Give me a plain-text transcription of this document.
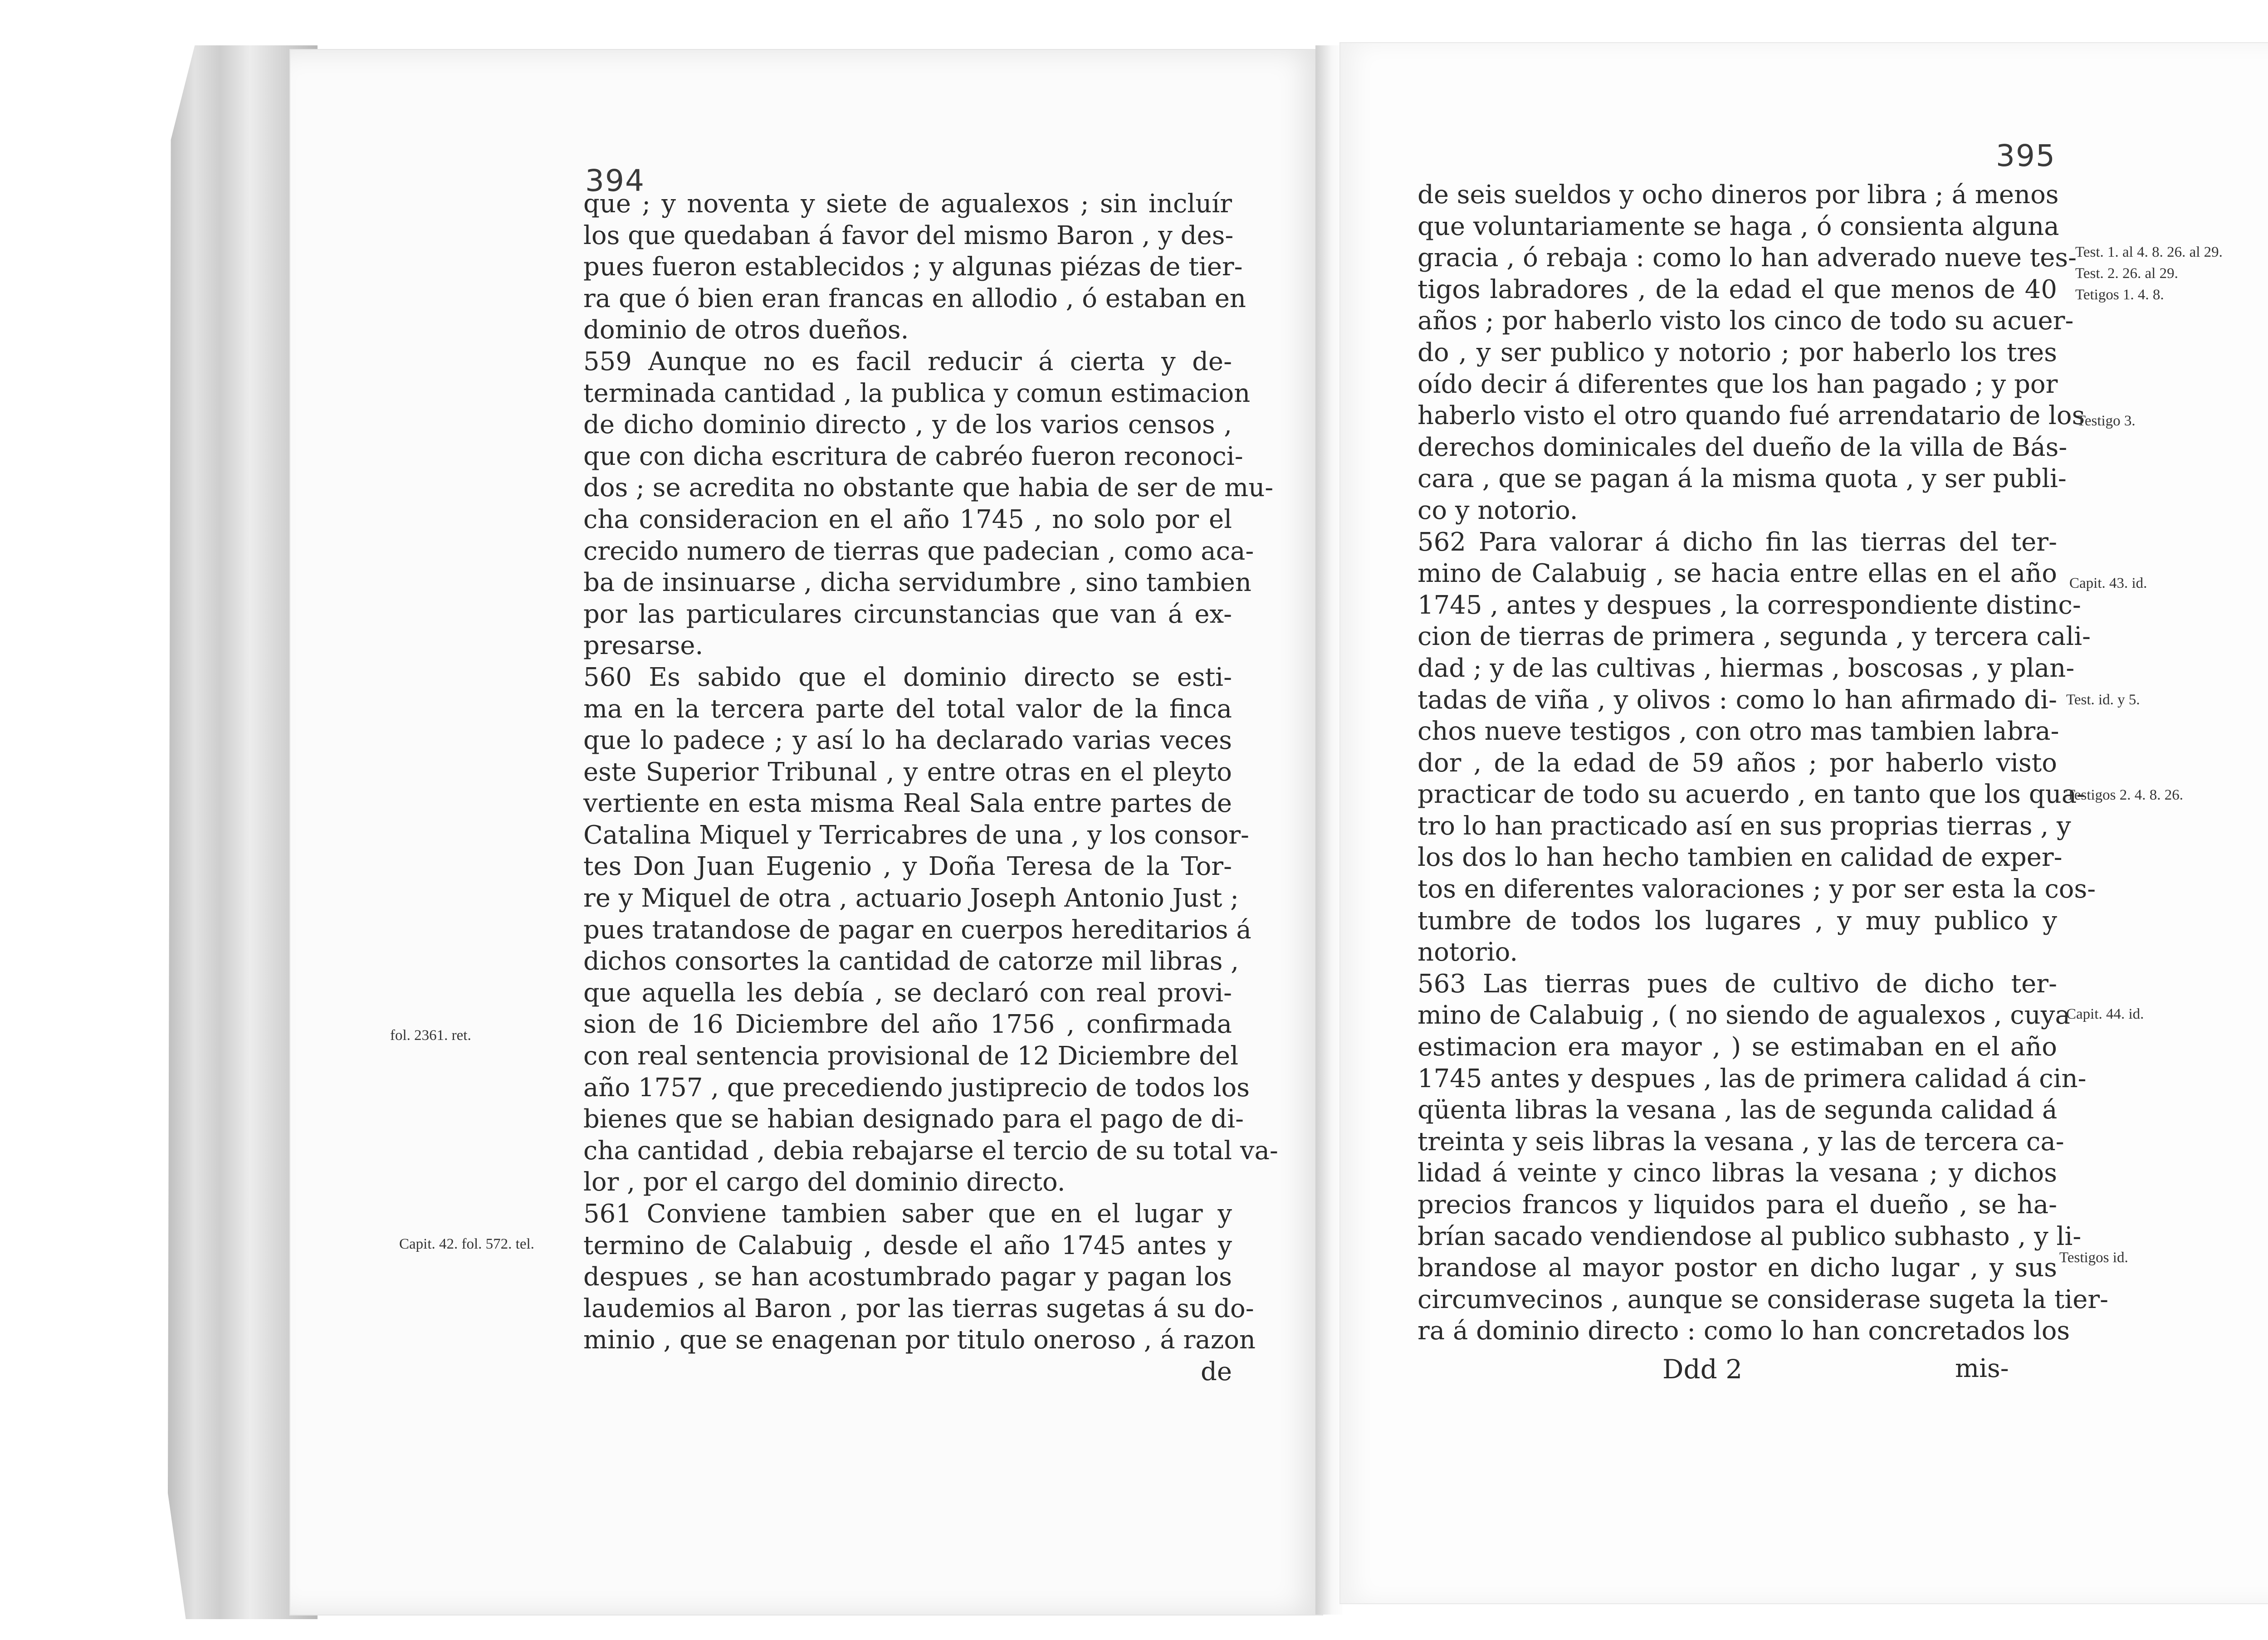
394
395
que ; y noventa y siete de agualexos ; sin incluír
los que quedaban á favor del mismo Baron , y des-
pues fueron establecidos ; y algunas piézas de tier-
ra que ó bien eran francas en allodio , ó estaban en
dominio de otros dueños.
559 Aunque no es facil reducir á cierta y de-
terminada cantidad , la publica y comun estimacion
de dicho dominio directo , y de los varios censos ,
que con dicha escritura de cabréo fueron reconoci-
dos ; se acredita no obstante que habia de ser de mu-
cha consideracion en el año 1745 , no solo por el
crecido numero de tierras que padecian , como aca-
ba de insinuarse , dicha servidumbre , sino tambien
por las particulares circunstancias que van á ex-
presarse.
560 Es sabido que el dominio directo se esti-
ma en la tercera parte del total valor de la finca
que lo padece ; y así lo ha declarado varias veces
este Superior Tribunal , y entre otras en el pleyto
vertiente en esta misma Real Sala entre partes de
Catalina Miquel y Terricabres de una , y los consor-
tes Don Juan Eugenio , y Doña Teresa de la Tor-
re y Miquel de otra , actuario Joseph Antonio Just ;
pues tratandose de pagar en cuerpos hereditarios á
dichos consortes la cantidad de catorze mil libras ,
que aquella les debía , se declaró con real provi-
sion de 16 Diciembre del año 1756 , confirmada
con real sentencia provisional de 12 Diciembre del
año 1757 , que precediendo justiprecio de todos los
bienes que se habian designado para el pago de di-
cha cantidad , debia rebajarse el tercio de su total va-
lor , por el cargo del dominio directo.
561 Conviene tambien saber que en el lugar y
termino de Calabuig , desde el año 1745 antes y
despues , se han acostumbrado pagar y pagan los
laudemios al Baron , por las tierras sugetas á su do-
minio , que se enagenan por titulo oneroso , á razon
de
de seis sueldos y ocho dineros por libra ; á menos
que voluntariamente se haga , ó consienta alguna
gracia , ó rebaja : como lo han adverado nueve tes-
tigos labradores , de la edad el que menos de 40
años ; por haberlo visto los cinco de todo su acuer-
do , y ser publico y notorio ; por haberlo los tres
oído decir á diferentes que los han pagado ; y por
haberlo visto el otro quando fué arrendatario de los
derechos dominicales del dueño de la villa de Bás-
cara , que se pagan á la misma quota , y ser publi-
co y notorio.
562 Para valorar á dicho fin las tierras del ter-
mino de Calabuig , se hacia entre ellas en el año
1745 , antes y despues , la correspondiente distinc-
cion de tierras de primera , segunda , y tercera cali-
dad ; y de las cultivas , hiermas , boscosas , y plan-
tadas de viña , y olivos : como lo han afirmado di-
chos nueve testigos , con otro mas tambien labra-
dor , de la edad de 59 años ; por haberlo visto
practicar de todo su acuerdo , en tanto que los qua-
tro lo han practicado así en sus proprias tierras , y
los dos lo han hecho tambien en calidad de exper-
tos en diferentes valoraciones ; y por ser esta la cos-
tumbre de todos los lugares , y muy publico y
notorio.
563 Las tierras pues de cultivo de dicho ter-
mino de Calabuig , ( no siendo de agualexos , cuya
estimacion era mayor , ) se estimaban en el año
1745 antes y despues , las de primera calidad á cin-
qüenta libras la vesana , las de segunda calidad á
treinta y seis libras la vesana , y las de tercera ca-
lidad á veinte y cinco libras la vesana ; y dichos
precios francos y liquidos para el dueño , se ha-
brían sacado vendiendose al publico subhasto , y li-
brandose al mayor postor en dicho lugar , y sus
circumvecinos , aunque se considerase sugeta la tier-
ra á dominio directo : como lo han concretados los
fol. 2361. ret.
Capit. 42. fol. 572. tel.
Test. 1. al 4. 8. 26. al 29.
Test. 2. 26. al 29.
Tetigos 1. 4. 8.
Testigo 3.
Capit. 43. id.
Test. id. y 5.
Testigos 2. 4. 8. 26.
Capit. 44. id.
Testigos id.
Ddd 2	mis-
